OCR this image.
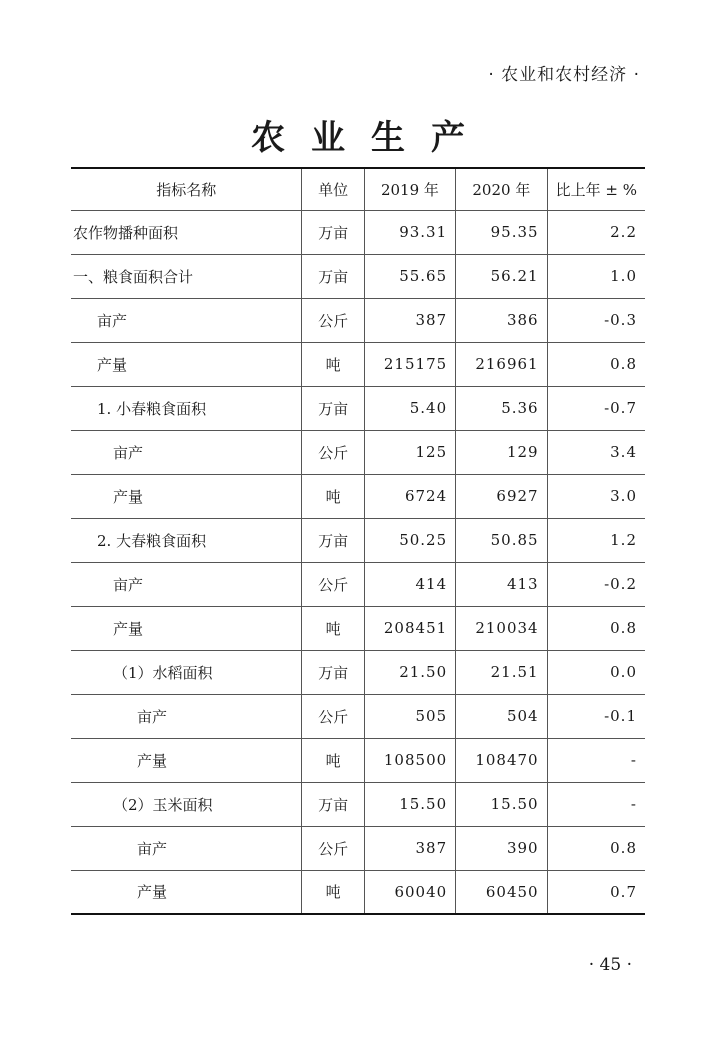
· 农业和农村经济 ·
农业生产
指标名称	单位	2019 年	2020 年	比上年 ± %
农作物播种面积	万亩	93.31	95.35	2.2
一、粮食面积合计	万亩	55.65	56.21	1.0
亩产	公斤	387	386	-0.3
产量	吨	215175	216961	0.8
1. 小春粮食面积	万亩	5.40	5.36	-0.7
亩产	公斤	125	129	3.4
产量	吨	6724	6927	3.0
2. 大春粮食面积	万亩	50.25	50.85	1.2
亩产	公斤	414	413	-0.2
产量	吨	208451	210034	0.8
（1）水稻面积	万亩	21.50	21.51	0.0
亩产	公斤	505	504	-0.1
产量	吨	108500	108470	-
（2）玉米面积	万亩	15.50	15.50	-
亩产	公斤	387	390	0.8
产量	吨	60040	60450	0.7
· 45 ·
